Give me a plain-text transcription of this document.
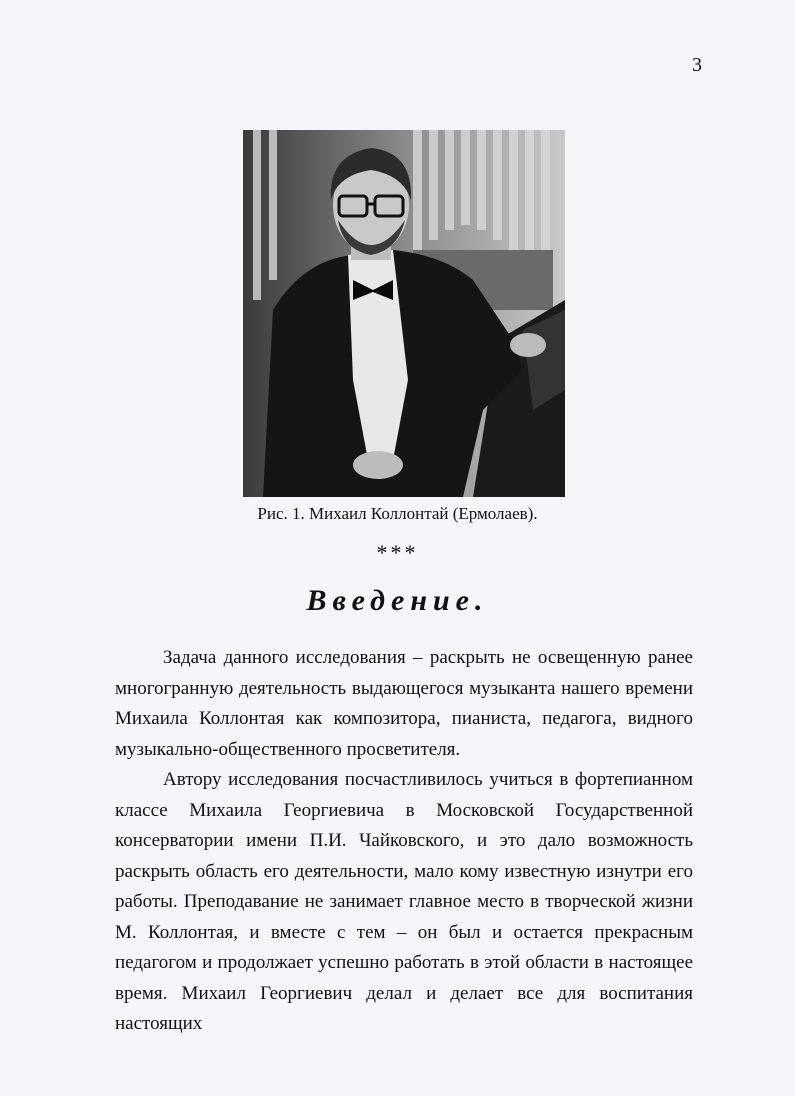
3
Рис. 1. Михаил Коллонтай (Ермолаев).
***
Введение.

Задача данного исследования – раскрыть не освещенную ранее многогранную деятельность выдающегося музыканта нашего времени Михаила Коллонтая как композитора, пианиста, педагога, видного музыкально-общественного просветителя.

Автору исследования посчастливилось учиться в фортепианном классе Михаила Георгиевича в Московской Государственной консерватории имени П.И. Чайковского, и это дало возможность раскрыть область его деятельности, мало кому известную изнутри его работы. Преподавание не занимает главное место в творческой жизни М. Коллонтая, и вместе с тем – он был и остается прекрасным педагогом и продолжает успешно работать в этой области в настоящее время. Михаил Георгиевич делал и делает все для воспитания настоящих
